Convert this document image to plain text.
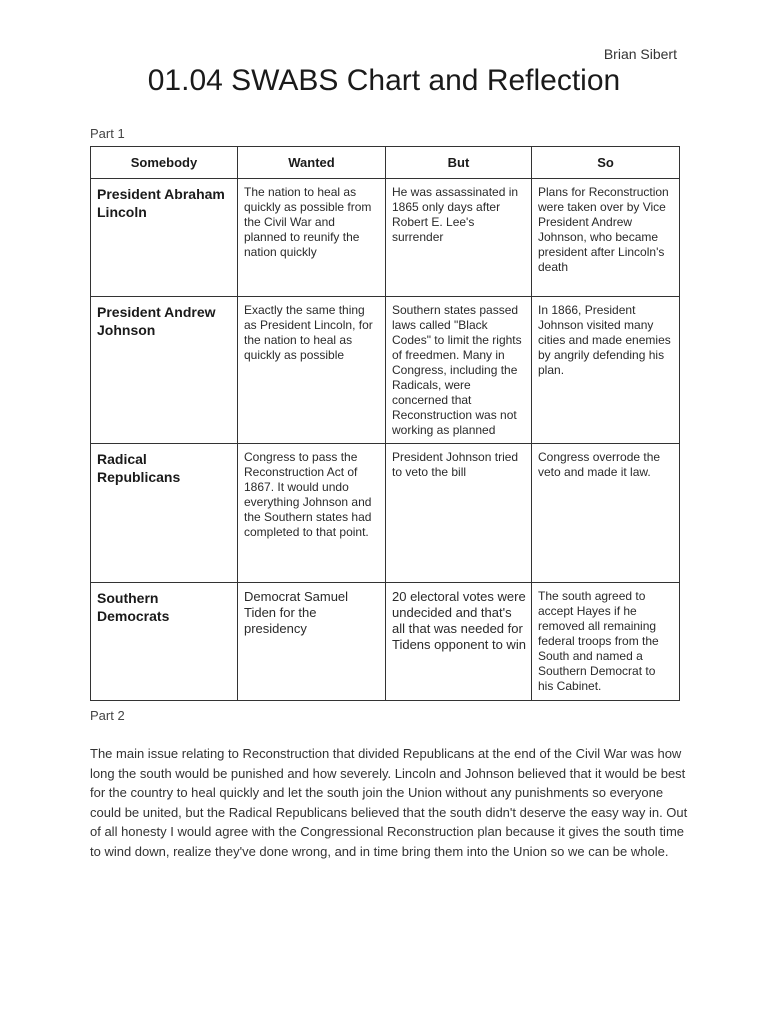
Brian Sibert
01.04 SWABS Chart and Reflection
Part 1
Somebody	Wanted	But	So
President Abraham Lincoln	The nation to heal as quickly as possible from the Civil War and planned to reunify the nation quickly	He was assassinated in 1865 only days after Robert E. Lee's surrender	Plans for Reconstruction were taken over by Vice President Andrew Johnson, who became president after Lincoln's death
President Andrew Johnson	Exactly the same thing as President Lincoln, for the nation to heal as quickly as possible	Southern states passed laws called "Black Codes" to limit the rights of freedmen. Many in Congress, including the Radicals, were concerned that Reconstruction was not working as planned	In 1866, President Johnson visited many cities and made enemies by angrily defending his plan.
Radical Republicans	Congress to pass the Reconstruction Act of 1867. It would undo everything Johnson and the Southern states had completed to that point.	President Johnson tried to veto the bill	Congress overrode the veto and made it law.
Southern Democrats	Democrat Samuel Tiden for the presidency	20 electoral votes were undecided and that's all that was needed for Tidens opponent to win	The south agreed to accept Hayes if he removed all remaining federal troops from the South and named a Southern Democrat to his Cabinet.
Part 2

The main issue relating to Reconstruction that divided Republicans at the end of the Civil War was how long the south would be punished and how severely. Lincoln and Johnson believed that it would be best for the country to heal quickly and let the south join the Union without any punishments so everyone could be united, but the Radical Republicans believed that the south didn't deserve the easy way in. Out of all honesty I would agree with the Congressional Reconstruction plan because it gives the south time to wind down, realize they've done wrong, and in time bring them into the Union so we can be whole.
